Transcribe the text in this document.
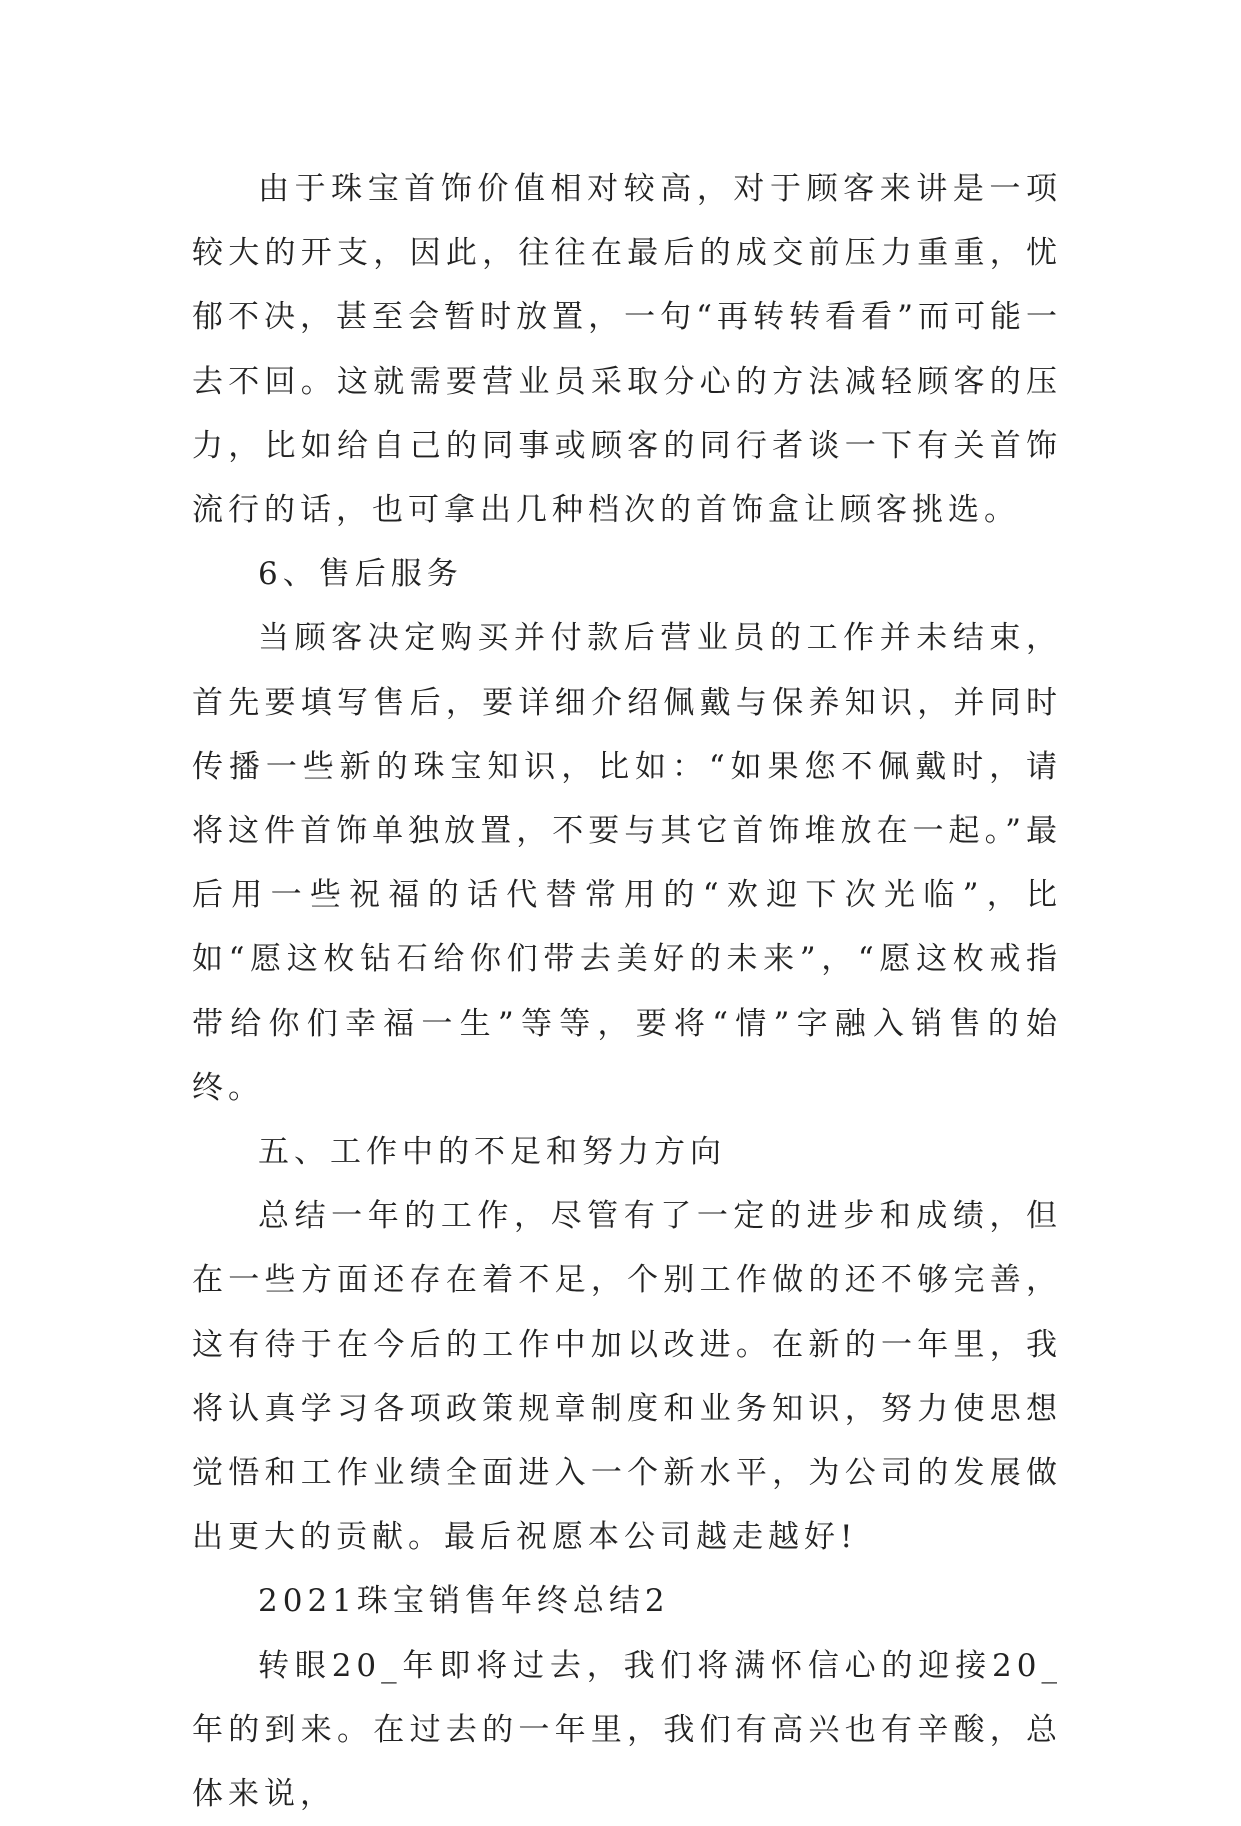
由于珠宝首饰价值相对较高，对于顾客来讲是一项较大的开支，因此，往往在最后的成交前压力重重，忧郁不决，甚至会暂时放置，一句“再转转看看”而可能一去不回。这就需要营业员采取分心的方法减轻顾客的压力，比如给自己的同事或顾客的同行者谈一下有关首饰流行的话，也可拿出几种档次的首饰盒让顾客挑选。

6、售后服务

当顾客决定购买并付款后营业员的工作并未结束，首先要填写售后，要详细介绍佩戴与保养知识，并同时传播一些新的珠宝知识，比如：“如果您不佩戴时，请将这件首饰单独放置，不要与其它首饰堆放在一起。”最后用一些祝福的话代替常用的“欢迎下次光临”，比如“愿这枚钻石给你们带去美好的未来”，“愿这枚戒指带给你们幸福一生”等等，要将“情”字融入销售的始终。

五、工作中的不足和努力方向

总结一年的工作，尽管有了一定的进步和成绩，但在一些方面还存在着不足，个别工作做的还不够完善，这有待于在今后的工作中加以改进。在新的一年里，我将认真学习各项政策规章制度和业务知识，努力使思想觉悟和工作业绩全面进入一个新水平，为公司的发展做出更大的贡献。最后祝愿本公司越走越好!

2021珠宝销售年终总结2

转眼20_年即将过去，我们将满怀信心的迎接20_年的到来。在过去的一年里，我们有高兴也有辛酸，总体来说，
